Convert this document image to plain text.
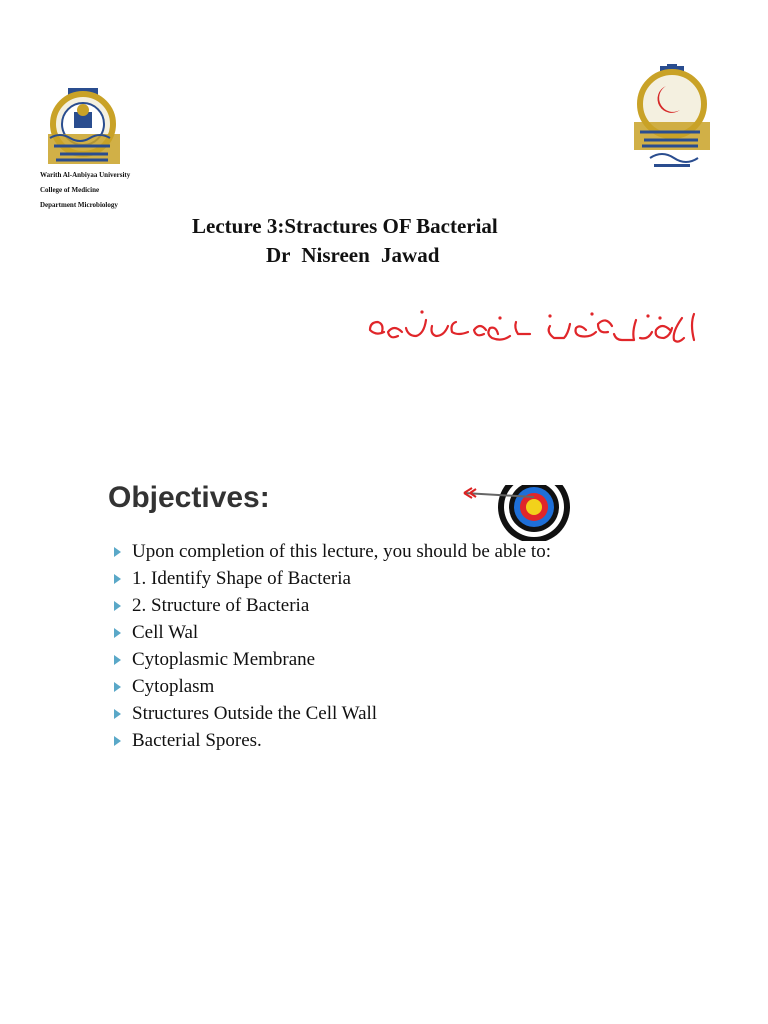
Warith Al-Anbiyaa University
College of Medicine
Department Microbiology
Lecture 3:Stractures OF Bacterial
Dr Nisreen Jawad
Objectives:
Upon completion of this lecture, you should be able to:
1. Identify Shape of Bacteria
2. Structure of Bacteria
Cell Wal
Cytoplasmic Membrane
Cytoplasm
Structures Outside the Cell Wall
Bacterial Spores.
